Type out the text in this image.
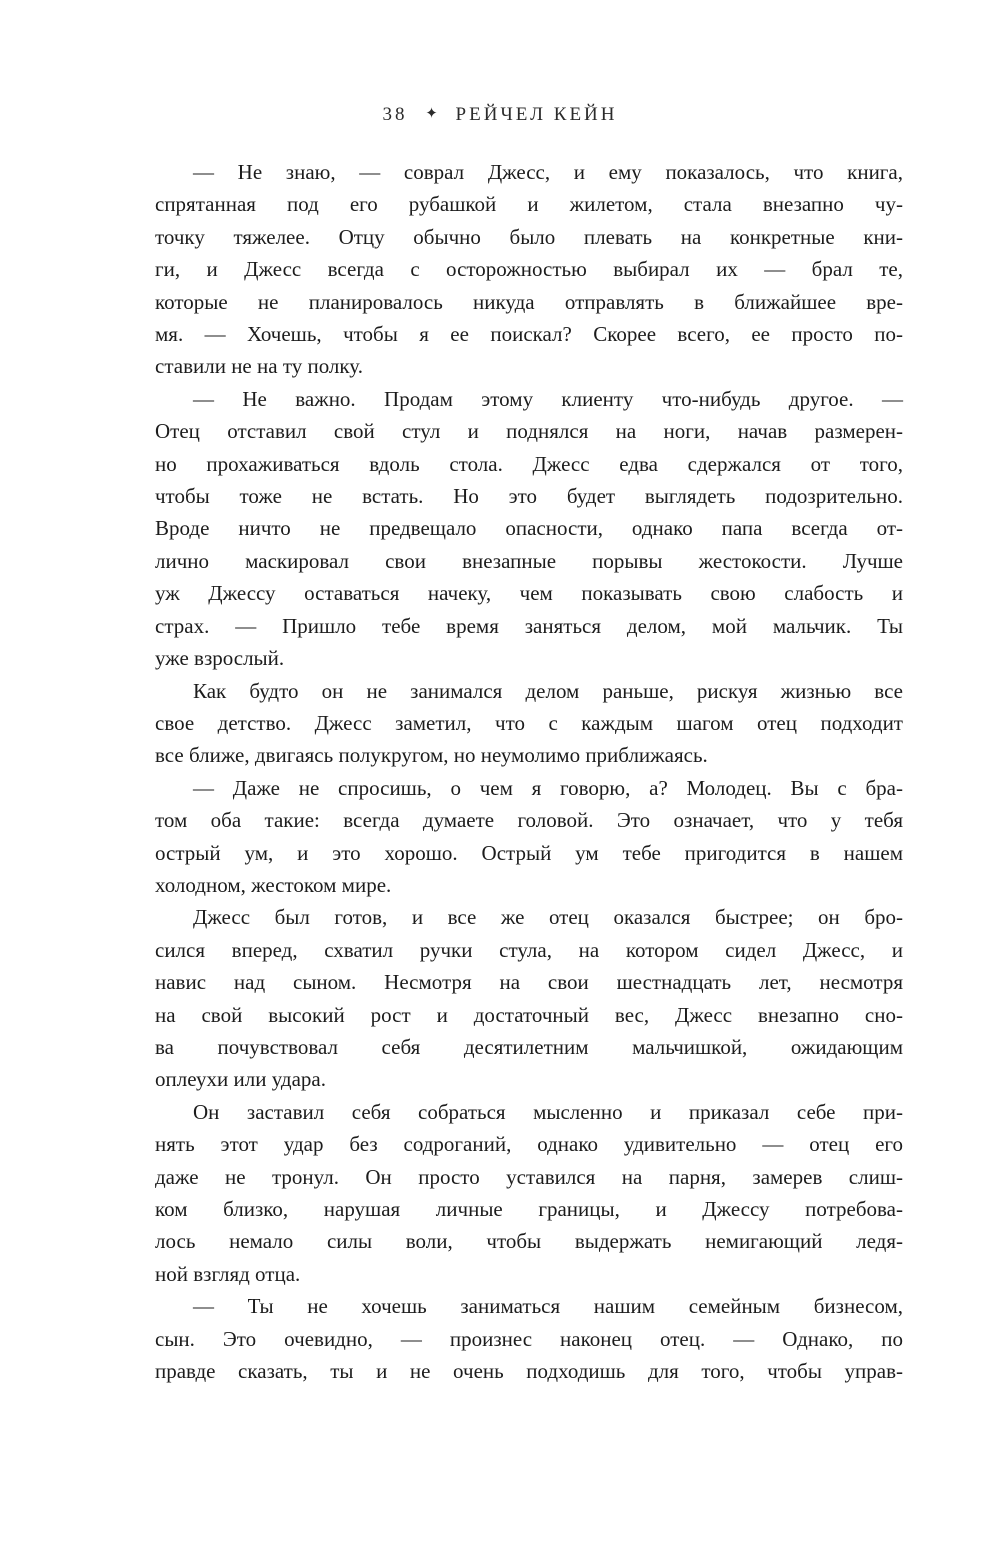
38 ✦ РЕЙЧЕЛ КЕЙН
— Не знаю, — соврал Джесс, и ему показалось, что книга,
спрятанная под его рубашкой и жилетом, стала внезапно чу-
точку тяжелее. Отцу обычно было плевать на конкретные кни-
ги, и Джесс всегда с осторожностью выбирал их — брал те,
которые не планировалось никуда отправлять в ближайшее вре-
мя. — Хочешь, чтобы я ее поискал? Скорее всего, ее просто по-
ставили не на ту полку.
— Не важно. Продам этому клиенту что-нибудь другое. —
Отец отставил свой стул и поднялся на ноги, начав размерен-
но прохаживаться вдоль стола. Джесс едва сдержался от того,
чтобы тоже не встать. Но это будет выглядеть подозрительно.
Вроде ничто не предвещало опасности, однако папа всегда от-
лично маскировал свои внезапные порывы жестокости. Лучше
уж Джессу оставаться начеку, чем показывать свою слабость и
страх. — Пришло тебе время заняться делом, мой мальчик. Ты
уже взрослый.
Как будто он не занимался делом раньше, рискуя жизнью все
свое детство. Джесс заметил, что с каждым шагом отец подходит
все ближе, двигаясь полукругом, но неумолимо приближаясь.
— Даже не спросишь, о чем я говорю, а? Молодец. Вы с бра-
том оба такие: всегда думаете головой. Это означает, что у тебя
острый ум, и это хорошо. Острый ум тебе пригодится в нашем
холодном, жестоком мире.
Джесс был готов, и все же отец оказался быстрее; он бро-
сился вперед, схватил ручки стула, на котором сидел Джесс, и
навис над сыном. Несмотря на свои шестнадцать лет, несмотря
на свой высокий рост и достаточный вес, Джесс внезапно сно-
ва почувствовал себя десятилетним мальчишкой, ожидающим
оплеухи или удара.
Он заставил себя собраться мысленно и приказал себе при-
нять этот удар без содроганий, однако удивительно — отец его
даже не тронул. Он просто уставился на парня, замерев слиш-
ком близко, нарушая личные границы, и Джессу потребова-
лось немало силы воли, чтобы выдержать немигающий ледя-
ной взгляд отца.
— Ты не хочешь заниматься нашим семейным бизнесом,
сын. Это очевидно, — произнес наконец отец. — Однако, по
правде сказать, ты и не очень подходишь для того, чтобы управ-
